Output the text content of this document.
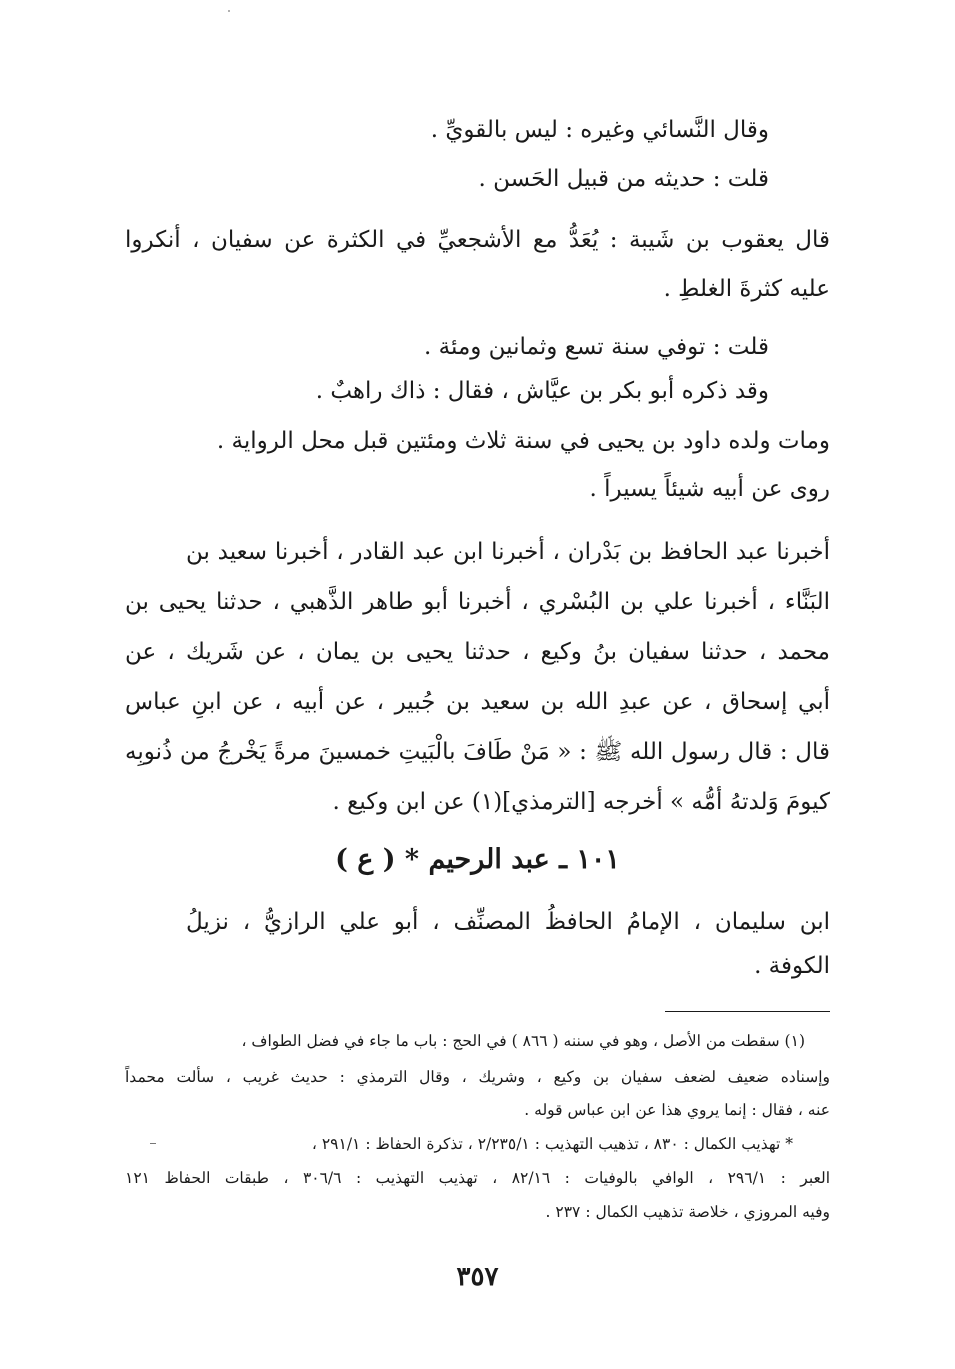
وقال النَّسائي وغيره : ليس بالقويِّ .
قلت : حديثه من قبيل الحَسن .
قال يعقوب بن شَيبة : يُعَدُّ مع الأشجعيِّ في الكثرة عن سفيان ، أنكروا
عليه كثرةَ الغلطِ .
قلت : توفي سنة تسع وثمانين ومئة .
وقد ذكره أبو بكر بن عيَّاش ، فقال : ذاك راهبٌ .
ومات ولده داود بن يحيى في سنة ثلاث ومئتين قبل محل الرواية .
روى عن أبيه شيئاً يسيراً .
أخبرنا عبد الحافظ بن بَدْران ، أخبرنا ابن عبد القادر ، أخبرنا سعيد بن
البَنَّاء ، أخبرنا علي بن البُسْري ، أخبرنا أبو طاهر الذَّهبي ، حدثنا يحيى بن
محمد ، حدثنا سفيان بنُ وكيع ، حدثنا يحيى بن يمان ، عن شَريك ، عن
أبي إسحاق ، عن عبدِ الله بن سعيد بن جُبير ، عن أبيه ، عن ابنِ عباس
قال : قال رسول الله ﷺ : « مَنْ طَافَ بالْبَيتِ خمسينَ مرةً يَخْرجُ من ذُنوبِه
كيومَ وَلدتهُ أمُّه » أخرجه [الترمذي](١) عن ابن وكيع .
١٠١ ـ عبد الرحيم * ( ع )
ابن سليمان ، الإمامُ الحافظُ المصنِّف ، أبو علي الرازيُّ ، نزيلُ
الكوفة .
(١) سقطت من الأصل ، وهو في سننه ( ٨٦٦ ) في الحج : باب ما جاء في فضل الطواف ،
وإسناده ضعيف لضعف سفيان بن وكيع ، وشريك ، وقال الترمذي : حديث غريب ، سألت محمداً
عنه ، فقال : إنما يروي هذا عن ابن عباس قوله .
* تهذيب الكمال : ٨٣٠ ، تذهيب التهذيب : ٢/٢٣٥/١ ، تذكرة الحفاظ : ٢٩١/١ ،
العبر : ٢٩٦/١ ، الوافي بالوفيات : ٨٢/١٦ ، تهذيب التهذيب : ٣٠٦/٦ ، طبقات الحفاظ ١٢١
وفيه المروزي ، خلاصة تذهيب الكمال : ٢٣٧ .
٣٥٧
